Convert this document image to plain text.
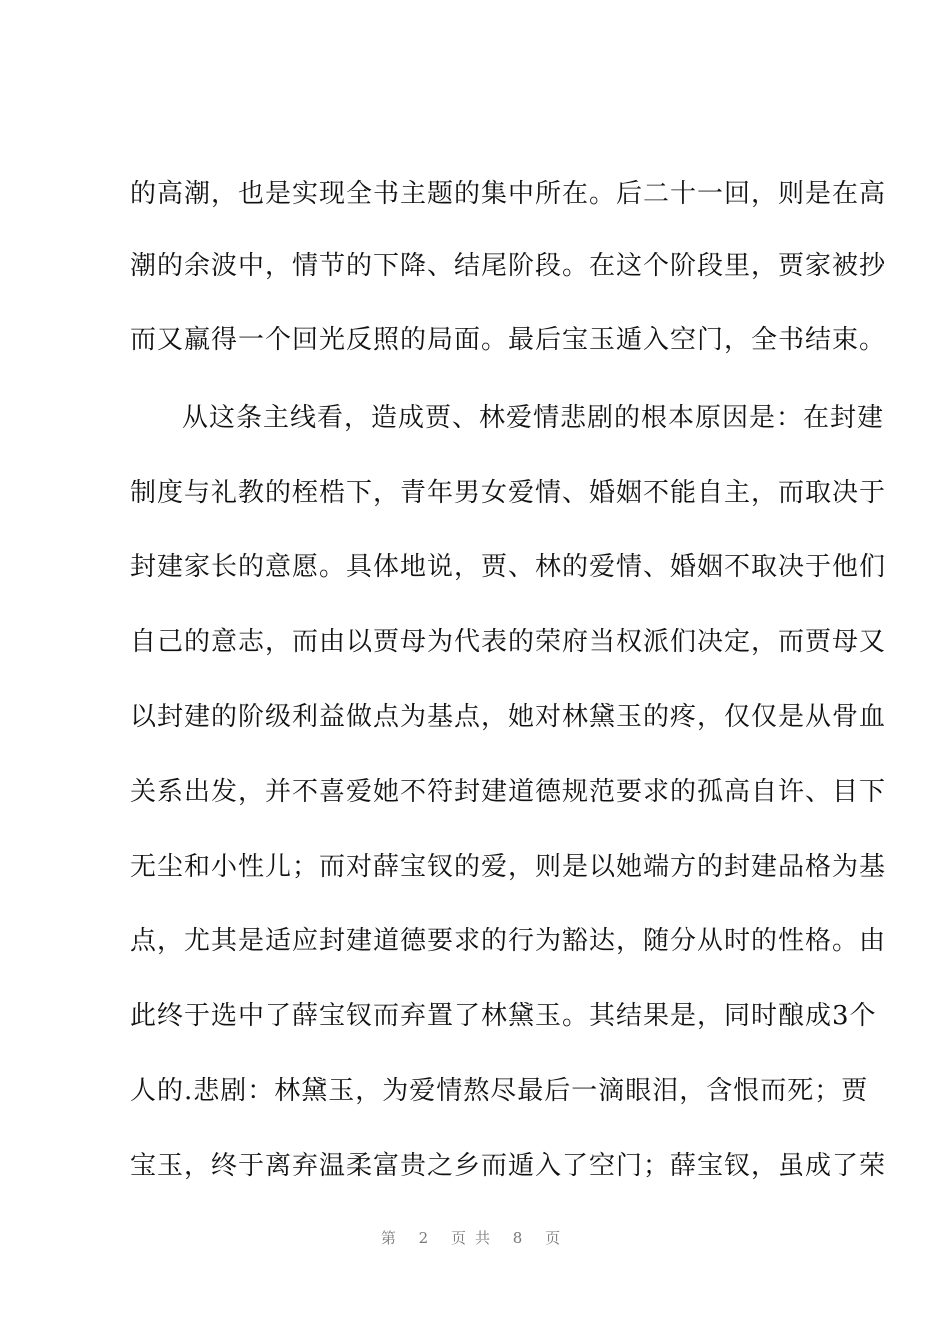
的高潮，也是实现全书主题的集中所在。后二十一回，则是在高
潮的余波中，情节的下降、结尾阶段。在这个阶段里，贾家被抄
而又羸得一个回光反照的局面。最后宝玉遁入空门，全书结束。
从这条主线看，造成贾、林爱情悲剧的根本原因是：在封建
制度与礼教的桎梏下，青年男女爱情、婚姻不能自主，而取决于
封建家长的意愿。具体地说，贾、林的爱情、婚姻不取决于他们
自己的意志，而由以贾母为代表的荣府当权派们决定，而贾母又
以封建的阶级利益做点为基点，她对林黛玉的疼，仅仅是从骨血
关系出发，并不喜爱她不符封建道德规范要求的孤高自许、目下
无尘和小性儿；而对薛宝钗的爱，则是以她端方的封建品格为基
点，尤其是适应封建道德要求的行为豁达，随分从时的性格。由
此终于选中了薛宝钗而弃置了林黛玉。其结果是，同时酿成3个
人的.悲剧：林黛玉，为爱情熬尽最后一滴眼泪，含恨而死；贾
宝玉，终于离弃温柔富贵之乡而遁入了空门；薛宝钗，虽成了荣
第 2 页共 8 页
